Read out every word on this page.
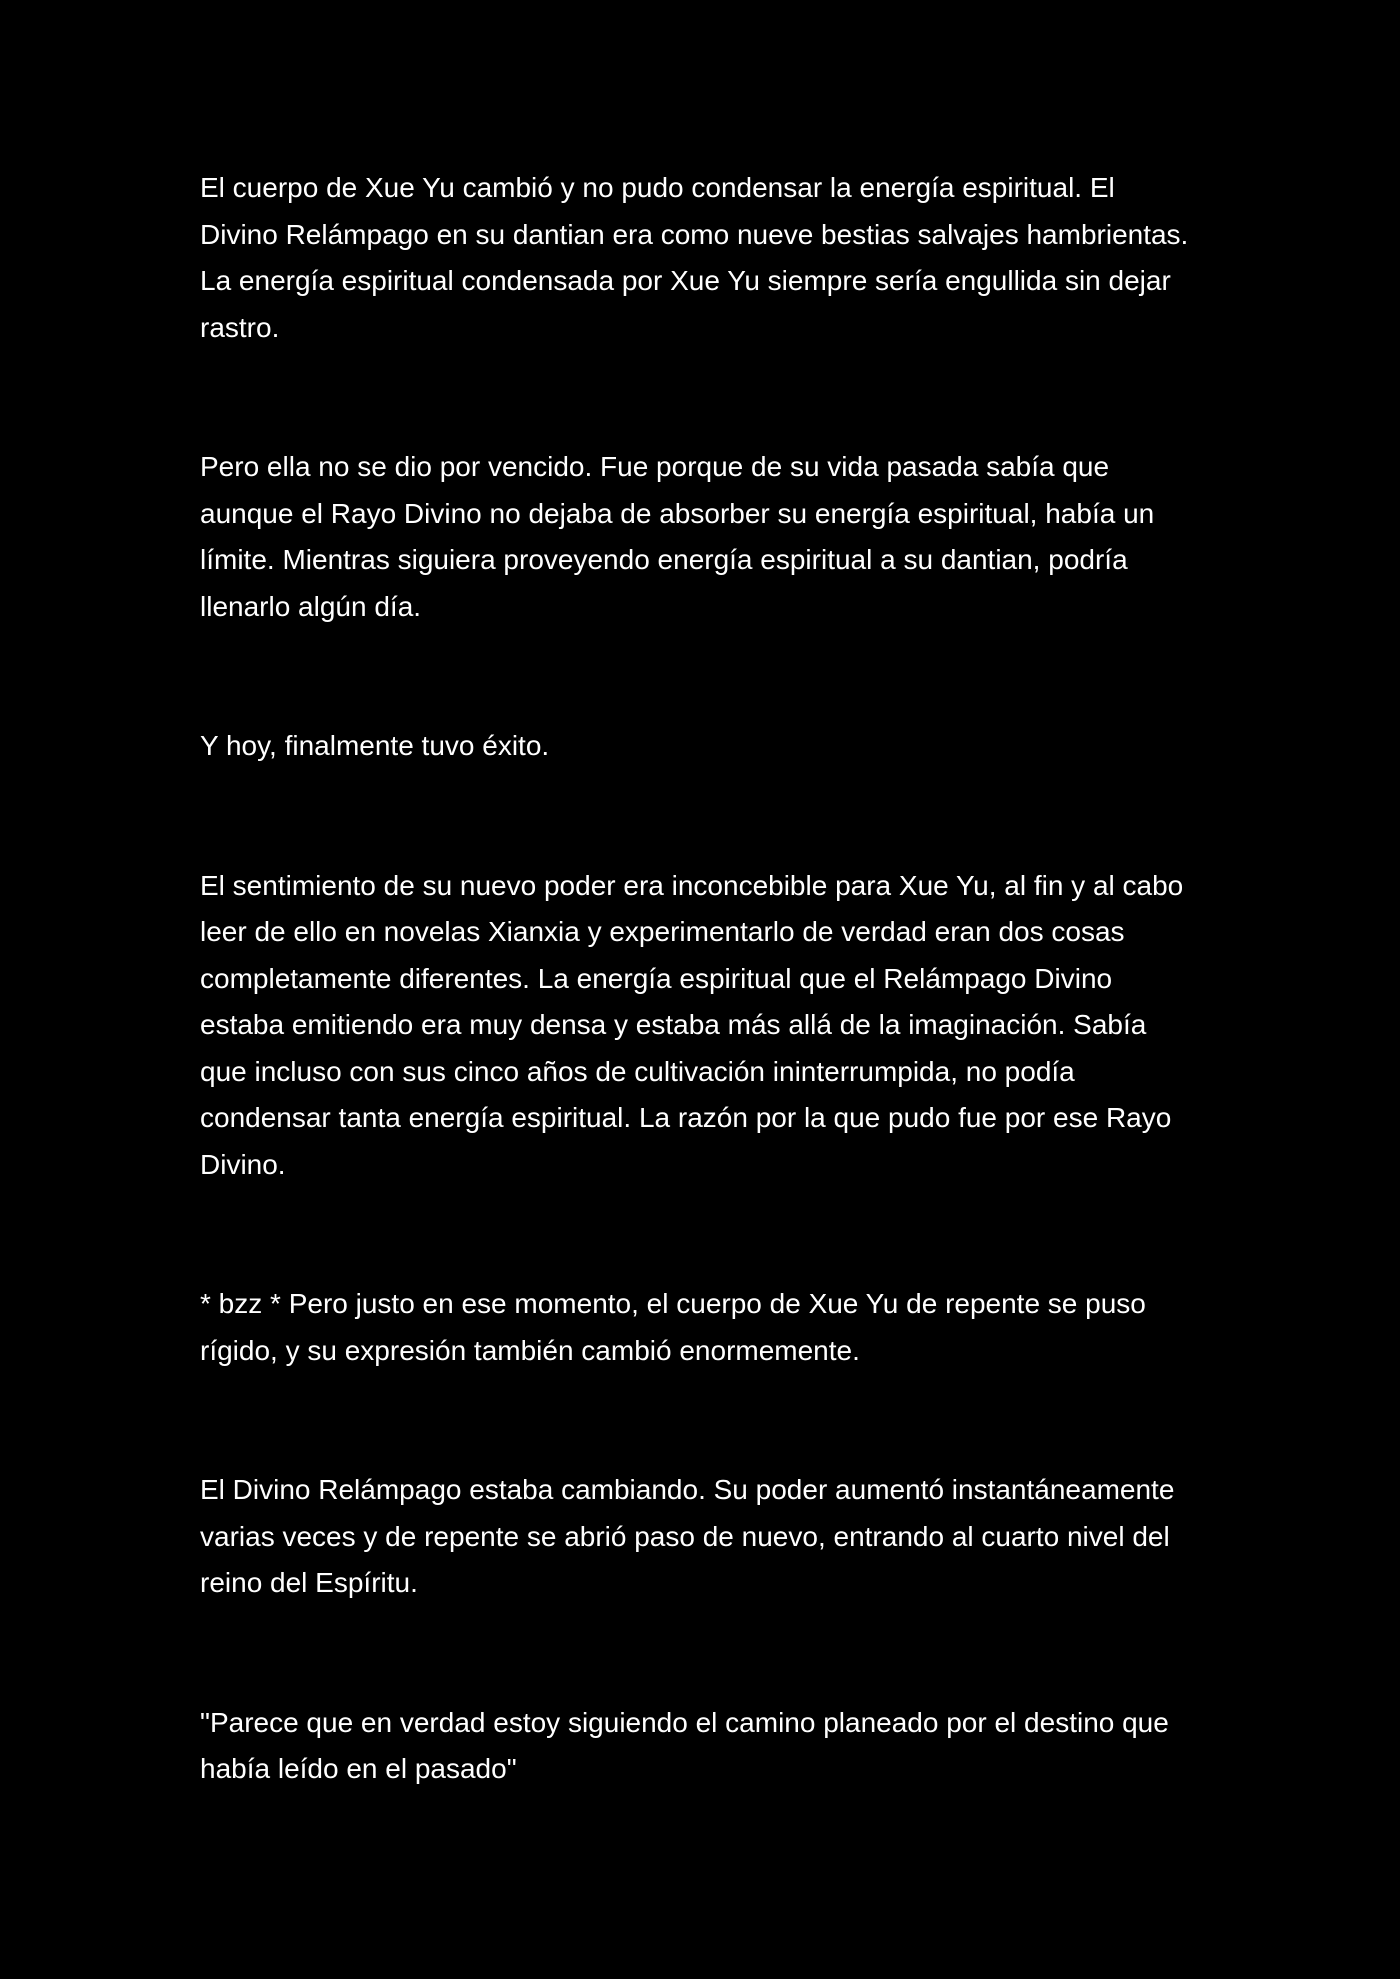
El cuerpo de Xue Yu cambió y no pudo condensar la energía espiritual. El Divino Relámpago en su dantian era como nueve bestias salvajes hambrientas. La energía espiritual condensada por Xue Yu siempre sería engullida sin dejar rastro.

Pero ella no se dio por vencido. Fue porque de su vida pasada sabía que aunque el Rayo Divino no dejaba de absorber su energía espiritual, había un límite. Mientras siguiera proveyendo energía espiritual a su dantian, podría llenarlo algún día.

Y hoy, finalmente tuvo éxito.

El sentimiento de su nuevo poder era inconcebible para Xue Yu, al fin y al cabo leer de ello en novelas Xianxia y experimentarlo de verdad eran dos cosas completamente diferentes. La energía espiritual que el Relámpago Divino estaba emitiendo era muy densa y estaba más allá de la imaginación. Sabía que incluso con sus cinco años de cultivación ininterrumpida, no podía condensar tanta energía espiritual. La razón por la que pudo fue por ese Rayo Divino.

* bzz * Pero justo en ese momento, el cuerpo de Xue Yu de repente se puso rígido, y su expresión también cambió enormemente.

El Divino Relámpago estaba cambiando. Su poder aumentó instantáneamente varias veces y de repente se abrió paso de nuevo, entrando al cuarto nivel del reino del Espíritu.

"Parece que en verdad estoy siguiendo el camino planeado por el destino que había leído en el pasado"
